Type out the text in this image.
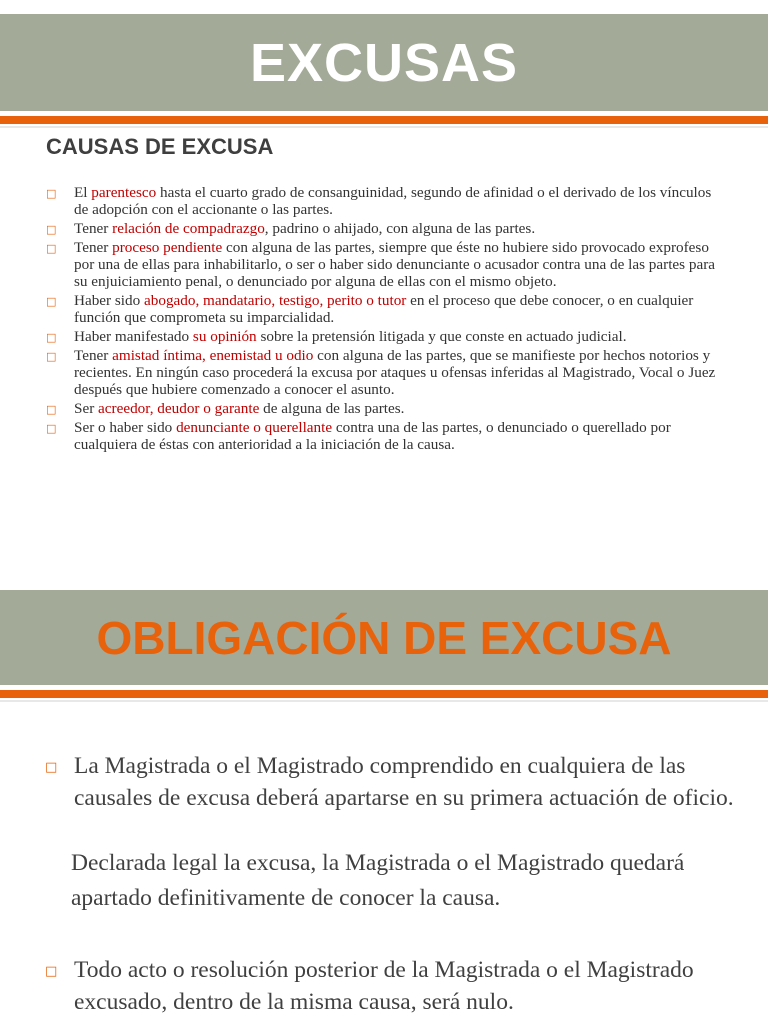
EXCUSAS
CAUSAS DE EXCUSA
□ El parentesco hasta el cuarto grado de consanguinidad, segundo de afinidad o el derivado de los vínculos de adopción con el accionante o las partes.
□ Tener relación de compadrazgo, padrino o ahijado, con alguna de las partes.
□ Tener proceso pendiente con alguna de las partes, siempre que éste no hubiere sido provocado exprofeso por una de ellas para inhabilitarlo, o ser o haber sido denunciante o acusador contra una de las partes para su enjuiciamiento penal, o denunciado por alguna de ellas con el mismo objeto.
□ Haber sido abogado, mandatario, testigo, perito o tutor en el proceso que debe conocer, o en cualquier función que comprometa su imparcialidad.
□ Haber manifestado su opinión sobre la pretensión litigada y que conste en actuado judicial.
□ Tener amistad íntima, enemistad u odio con alguna de las partes, que se manifieste por hechos notorios y recientes. En ningún caso procederá la excusa por ataques u ofensas inferidas al Magistrado, Vocal o Juez después que hubiere comenzado a conocer el asunto.
□ Ser acreedor, deudor o garante de alguna de las partes.
□ Ser o haber sido denunciante o querellante contra una de las partes, o denunciado o querellado por cualquiera de éstas con anterioridad a la iniciación de la causa.
OBLIGACIÓN DE EXCUSA
□ La Magistrada o el Magistrado comprendido en cualquiera de las causales de excusa deberá apartarse en su primera actuación de oficio.
Declarada legal la excusa, la Magistrada o el Magistrado quedará apartado definitivamente de conocer la causa.
□ Todo acto o resolución posterior de la Magistrada o el Magistrado excusado, dentro de la misma causa, será nulo.
